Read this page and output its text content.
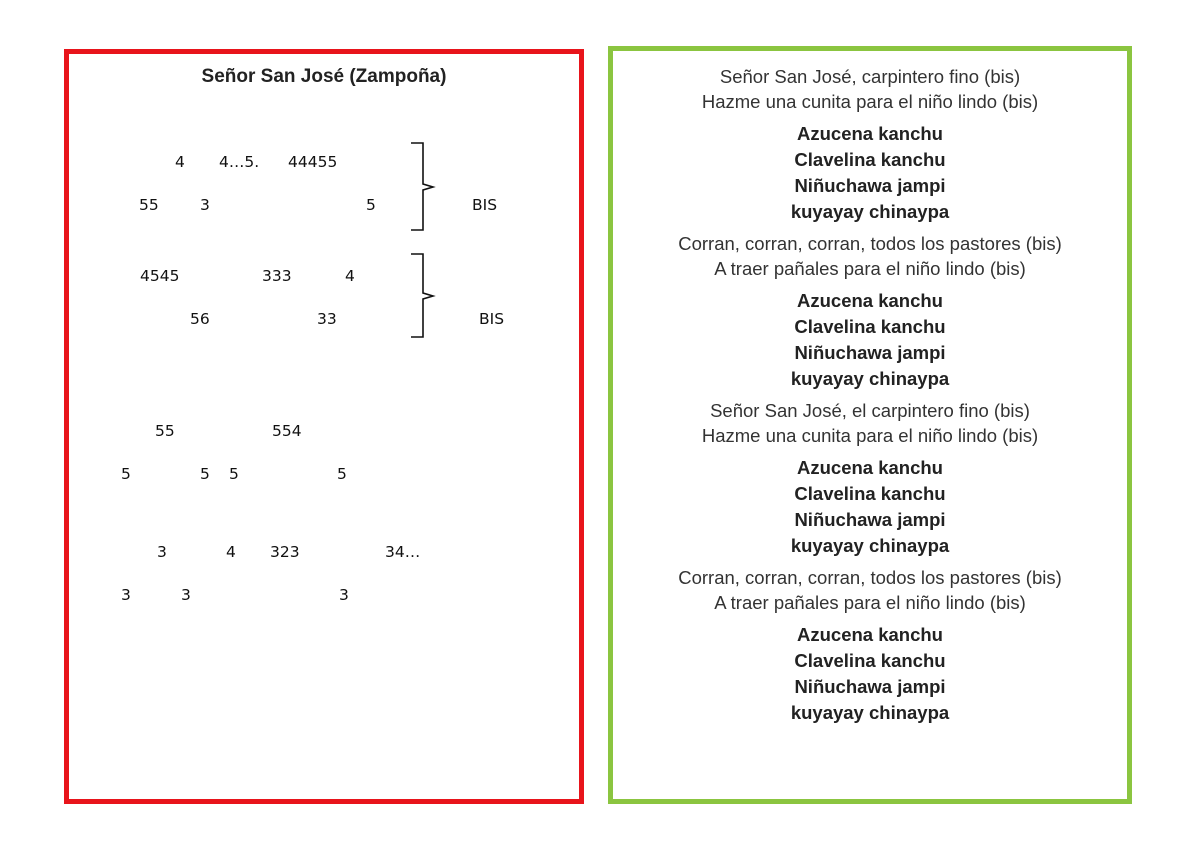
Señor San José (Zampoña)
4 4…5. 44455
55	3	5	BIS
4545	333	4
56	33	BIS
55	554
5	5 5	5
3	4 323	34…
3	3	3
Señor San José, carpintero fino (bis)
Hazme una cunita para el niño lindo (bis)
Azucena kanchu
Clavelina kanchu
Niñuchawa jampi
kuyayay chinaypa
Corran, corran, corran, todos los pastores (bis)
A traer pañales para el niño lindo (bis)
Azucena kanchu
Clavelina kanchu
Niñuchawa jampi
kuyayay chinaypa
Señor San José, el carpintero fino (bis)
Hazme una cunita para el niño lindo (bis)
Azucena kanchu
Clavelina kanchu
Niñuchawa jampi
kuyayay chinaypa
Corran, corran, corran, todos los pastores (bis)
A traer pañales para el niño lindo (bis)
Azucena kanchu
Clavelina kanchu
Niñuchawa jampi
kuyayay chinaypa
